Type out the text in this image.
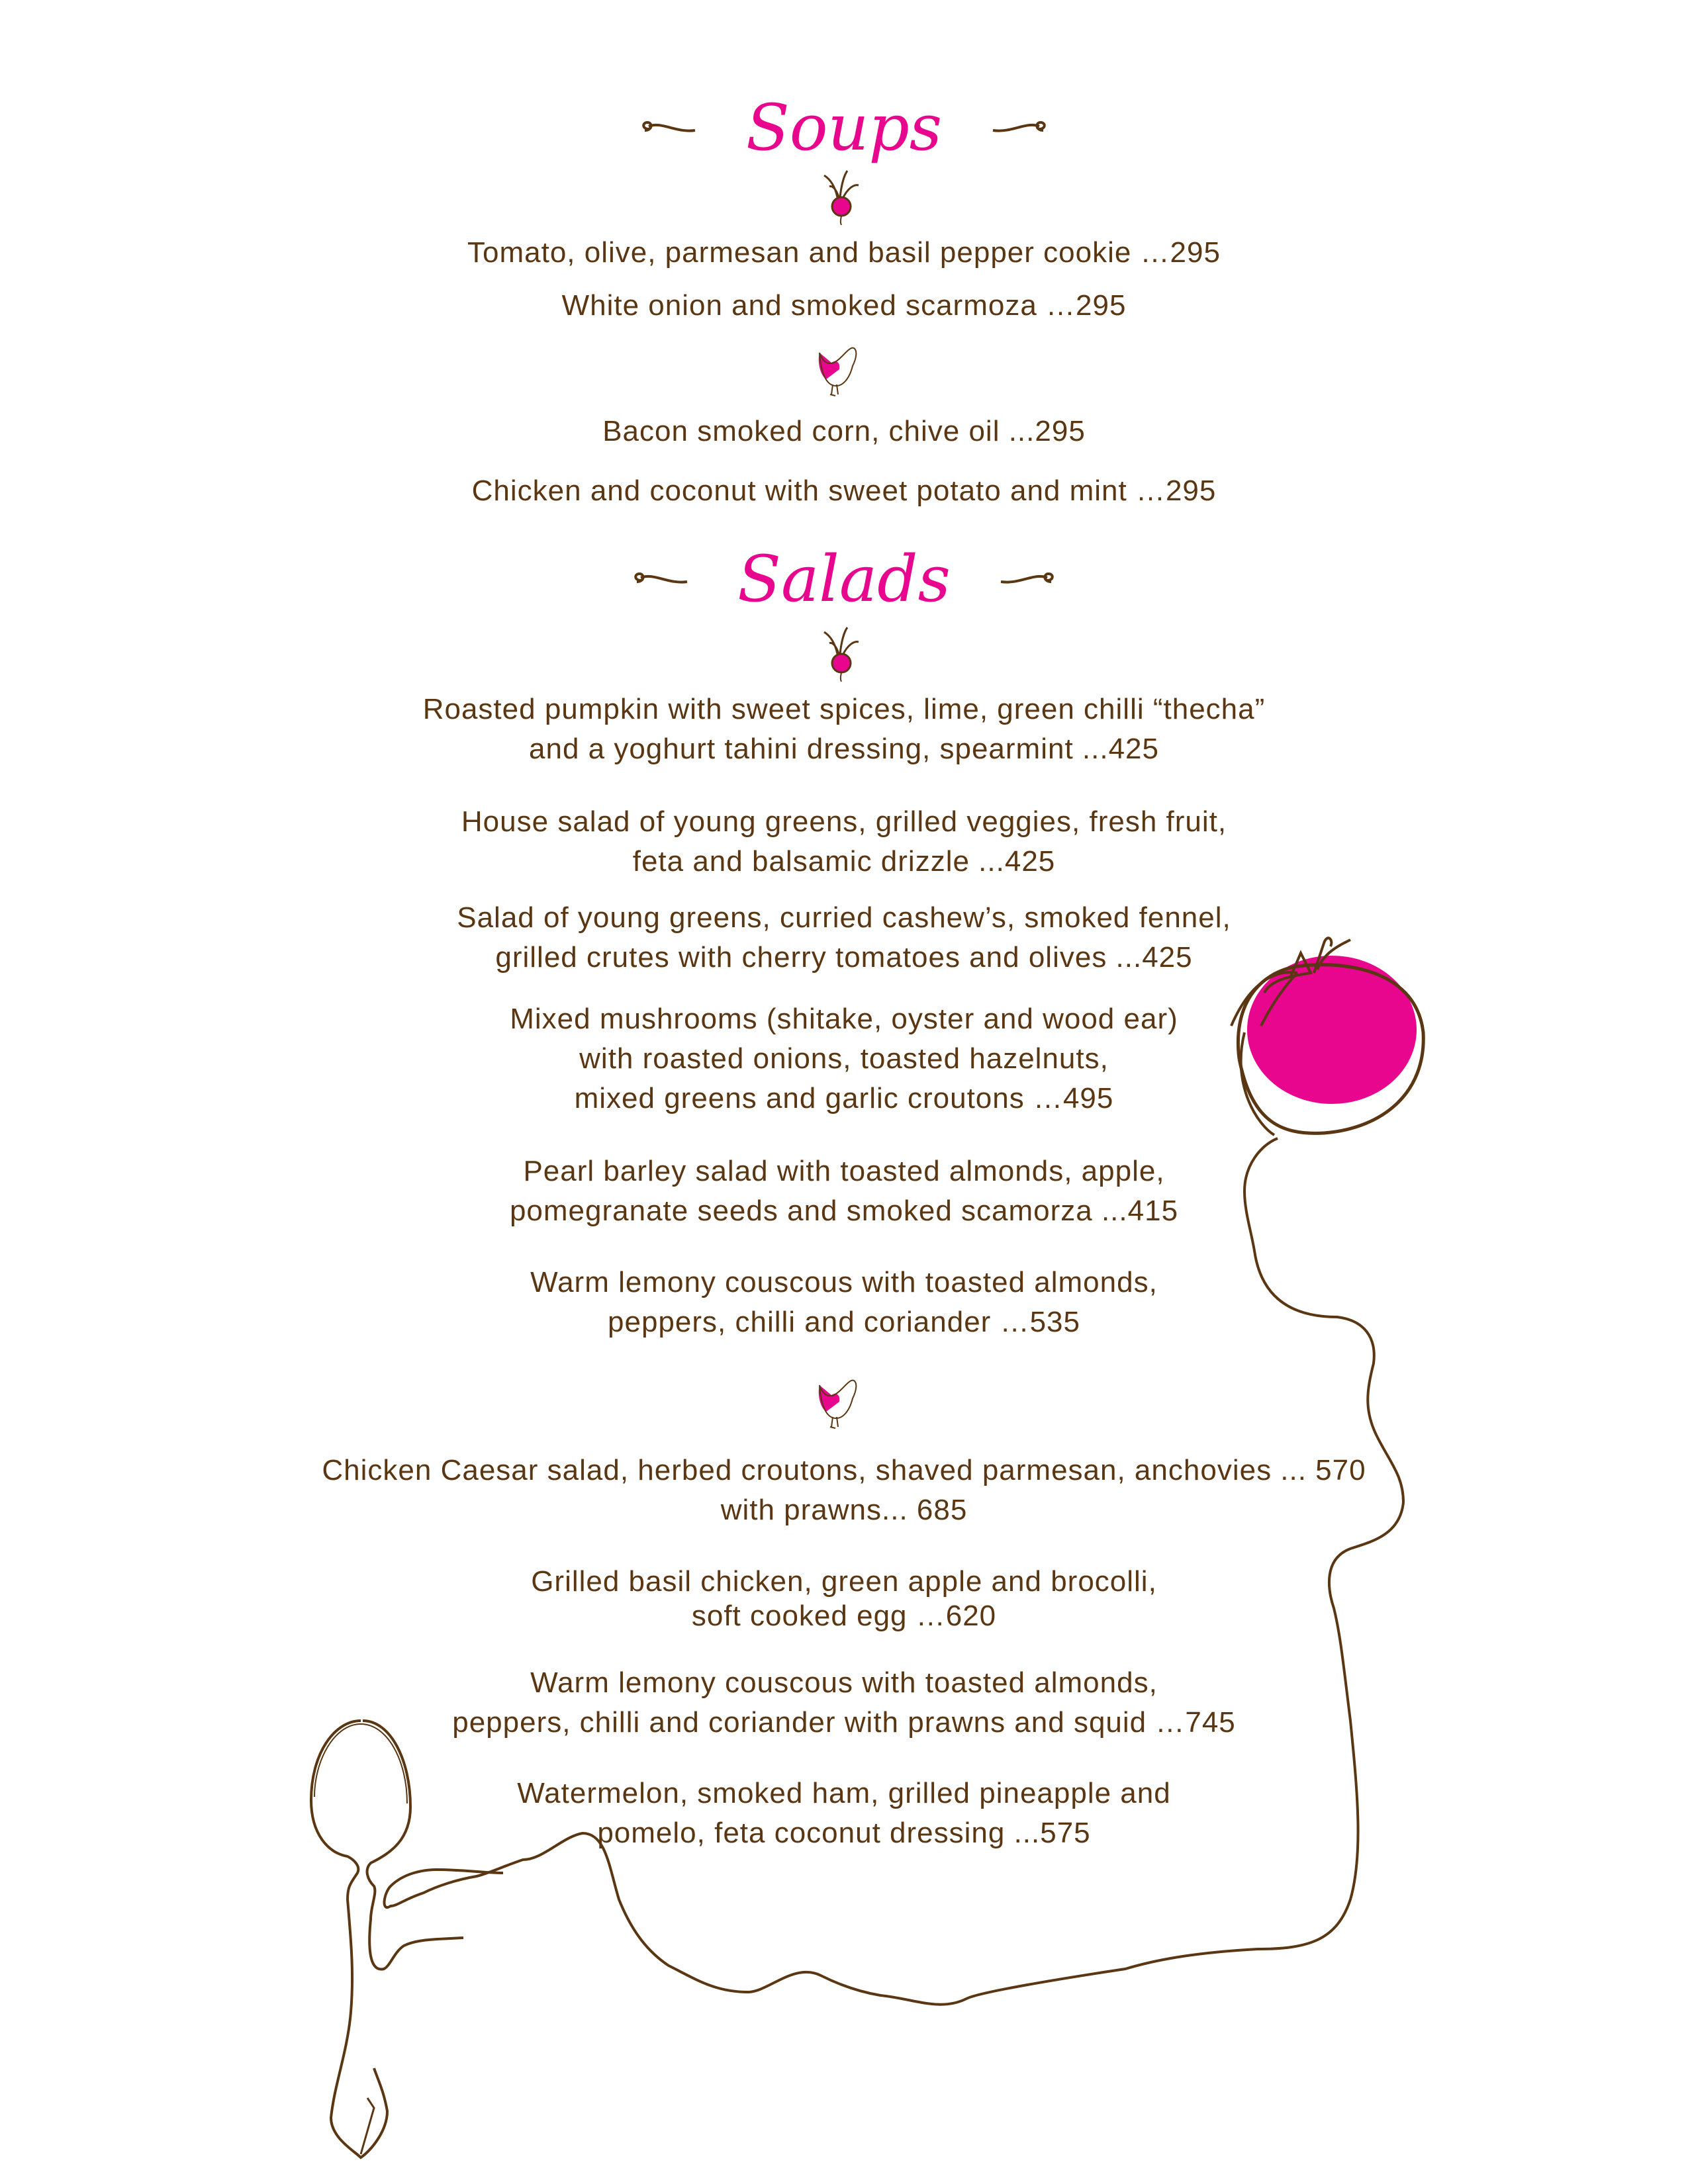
Soups
Tomato, olive, parmesan and basil pepper cookie …295
White onion and smoked scarmoza …295
Bacon smoked corn, chive oil ...295
Chicken and coconut with sweet potato and mint …295
Salads
Roasted pumpkin with sweet spices, lime, green chilli “thecha”
and a yoghurt tahini dressing, spearmint ...425
House salad of young greens, grilled veggies, fresh fruit,
feta and balsamic drizzle ...425
Salad of young greens, curried cashew’s, smoked fennel,
grilled crutes with cherry tomatoes and olives ...425
Mixed mushrooms (shitake, oyster and wood ear)
with roasted onions, toasted hazelnuts,
mixed greens and garlic croutons …495
Pearl barley salad with toasted almonds, apple,
pomegranate seeds and smoked scamorza ...415
Warm lemony couscous with toasted almonds,
peppers, chilli and coriander …535
Chicken Caesar salad, herbed croutons, shaved parmesan, anchovies ... 570
with prawns... 685
Grilled basil chicken, green apple and brocolli,
soft cooked egg …620
Warm lemony couscous with toasted almonds,
peppers, chilli and coriander with prawns and squid …745
Watermelon, smoked ham, grilled pineapple and
pomelo, feta coconut dressing ...575
